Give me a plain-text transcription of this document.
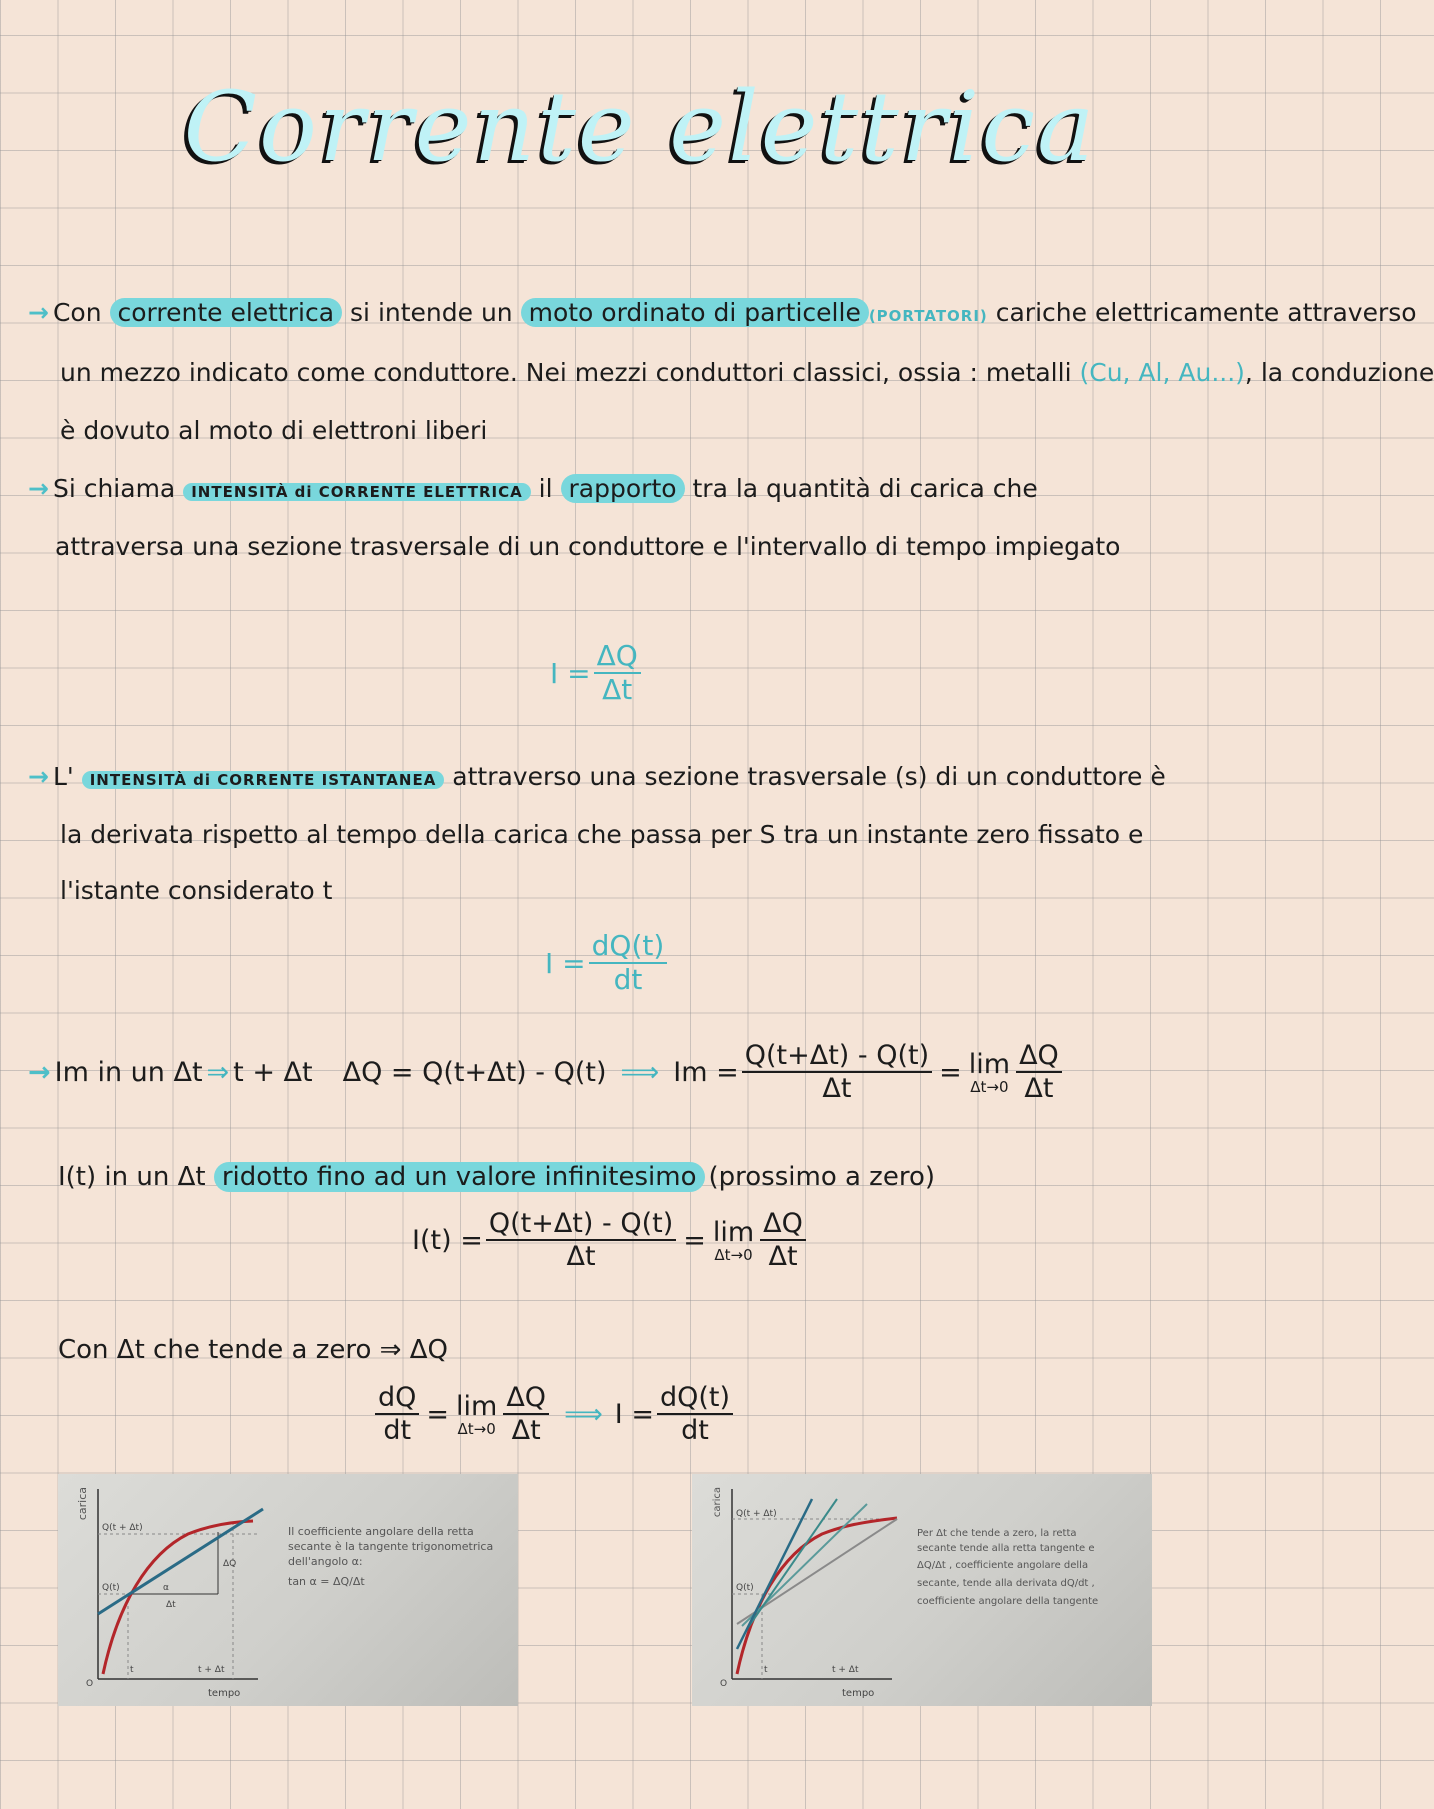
Corrente elettrica
→ Con corrente elettrica si intende un moto ordinato di particelle (PORTATORI) cariche elettricamente attraverso
un mezzo indicato come conduttore. Nei mezzi conduttori classici, ossia : metalli (Cu, Al, Au...), la conduzione
è dovuto al moto di elettroni liberi
→ Si chiama INTENSITÀ di CORRENTE ELETTRICA il rapporto tra la quantità di carica che
attraversa una sezione trasversale di un conduttore e l'intervallo di tempo impiegato
$I = \frac{\Delta Q}{\Delta t}$
→ L' INTENSITÀ di CORRENTE ISTANTANEA attraverso una sezione trasversale (s) di un conduttore è
la derivata rispetto al tempo della carica che passa per S tra un instante zero fissato e
l'istante considerato t
$I = \frac{dQ(t)}{dt}$
→ Im in un Δt ⇒ t + Δt ΔQ = Q(t+Δt) - Q(t) ⟹ $Im = \frac{Q(t+\Delta t) - Q(t)}{\Delta t} = \lim$
$\Delta t\to 0 \frac{\Delta Q}{\Delta t}$
I(t) in un Δt ridotto fino ad un valore infinitesimo (prossimo a zero)
$I(t) = \frac{Q(t+\Delta t) - Q(t)}{\Delta t} = \lim$
$\Delta t\to 0 \frac{\Delta Q}{\Delta t}$
Con Δt che tende a zero ⇒ ΔQ
$\frac{dQ}{dt} = \lim$
$\Delta t\to 0 \frac{\Delta Q}{\Delta t}$ ⟹ $I = \frac{dQ(t)}{dt}$
carica
tempo
Q(t + Δt)
Q(t)
ΔQ
Δt
α
t	t + Δt
O
Il coefficiente angolare della retta
secante è la tangente trigonometrica
dell'angolo α:
tan α = ΔQ/Δt
carica
tempo
Q(t + Δt)
Q(t)
t	t + Δt
O
Per Δt che tende a zero, la retta
secante tende alla retta tangente e
ΔQ/Δt , coefficiente angolare della
secante, tende alla derivata dQ/dt ,
coefficiente angolare della tangente
